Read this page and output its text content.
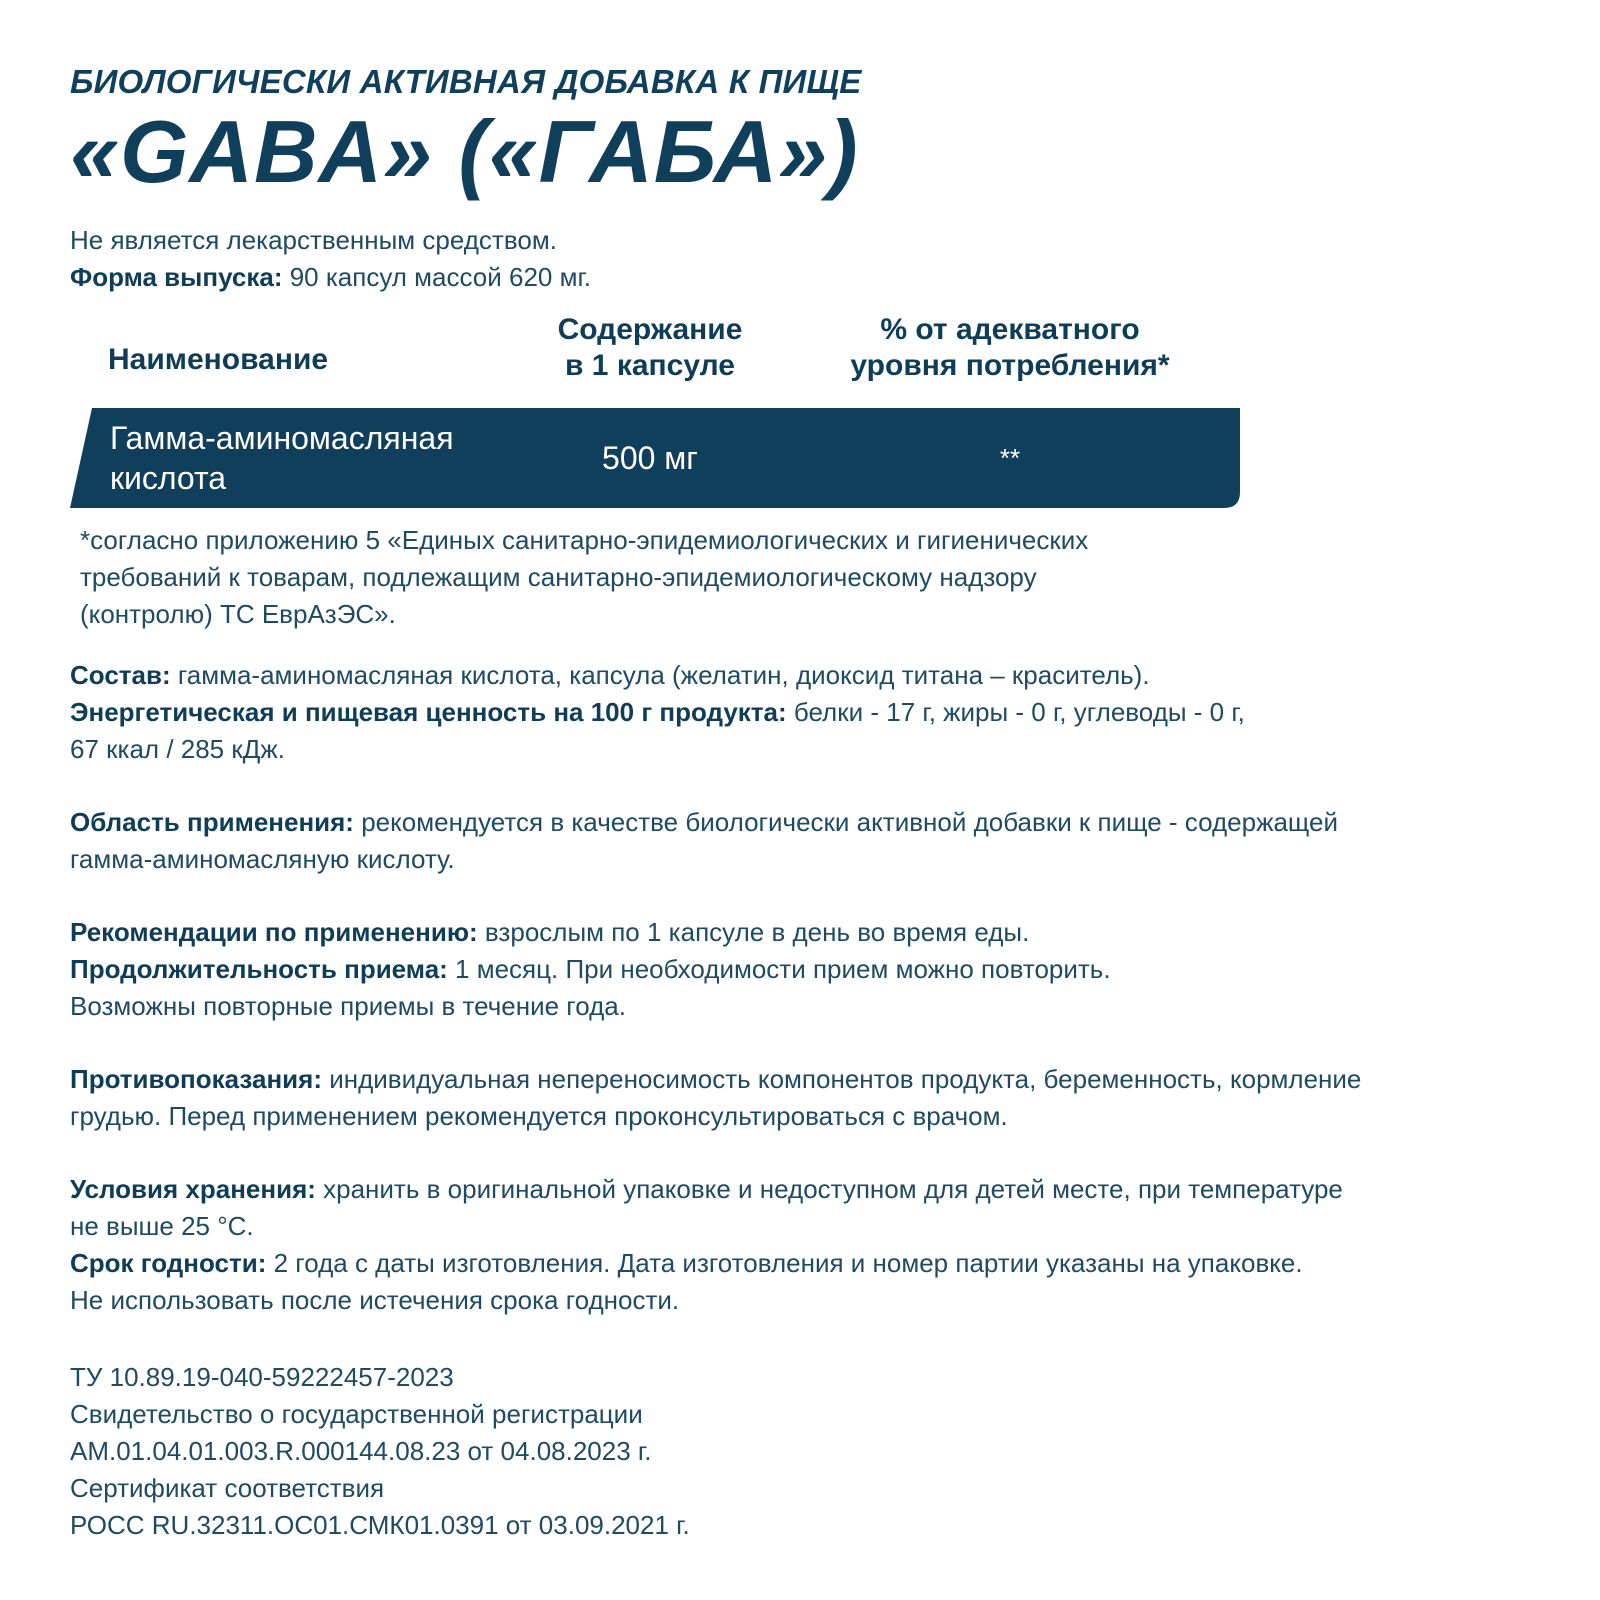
БИОЛОГИЧЕСКИ АКТИВНАЯ ДОБАВКА К ПИЩЕ

«GABA» («ГАБА»)

Не является лекарственным средством.

Форма выпуска: 90 капсул массой 620 мг.

Наименование
Содержание
в 1 капсуле
% от адекватного
уровня потребления*
Гамма-аминомасляная
кислота
500 мг	**

*согласно приложению 5 «Единых санитарно-эпидемиологических и гигиенических

требований к товарам, подлежащим санитарно-эпидемиологическому надзору

(контролю) ТС ЕврАзЭС».

Состав: гамма-аминомасляная кислота, капсула (желатин, диоксид титана – краситель).

Энергетическая и пищевая ценность на 100 г продукта: белки - 17 г, жиры - 0 г, углеводы - 0 г,

67 ккал / 285 кДж.

Область применения: рекомендуется в качестве биологически активной добавки к пище - содержащей

гамма-аминомасляную кислоту.

Рекомендации по применению: взрослым по 1 капсуле в день во время еды.

Продолжительность приема: 1 месяц. При необходимости прием можно повторить.

Возможны повторные приемы в течение года.

Противопоказания: индивидуальная непереносимость компонентов продукта, беременность, кормление

грудью. Перед применением рекомендуется проконсультироваться с врачом.

Условия хранения: хранить в оригинальной упаковке и недоступном для детей месте, при температуре

не выше 25 °С.

Срок годности: 2 года с даты изготовления. Дата изготовления и номер партии указаны на упаковке.

Не использовать после истечения срока годности.

ТУ 10.89.19-040-59222457-2023

Свидетельство о государственной регистрации

AM.01.04.01.003.R.000144.08.23 от 04.08.2023 г.

Сертификат соответствия

РОСС RU.32311.ОС01.СМК01.0391 от 03.09.2021 г.
